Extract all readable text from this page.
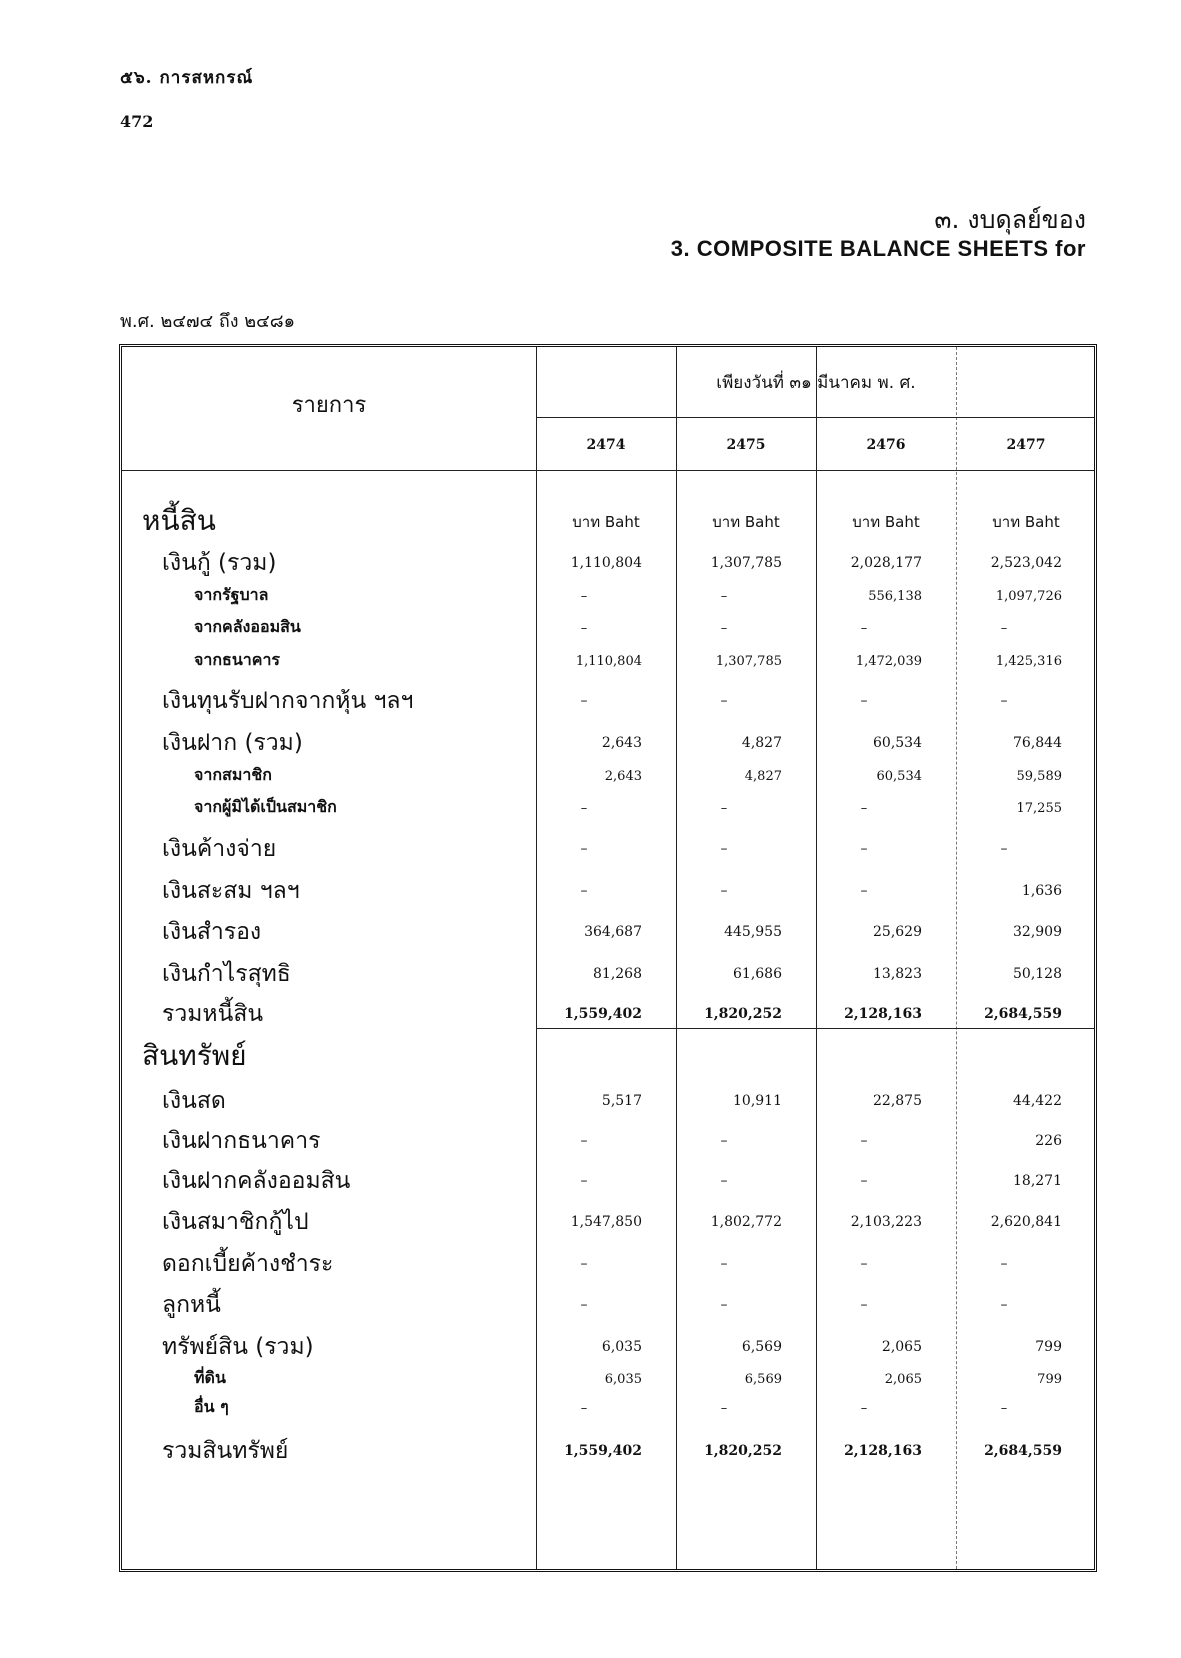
๕๖. การสหกรณ์
472
๓. งบดุลย์ของ
3. COMPOSITE BALANCE SHEETS for
พ.ศ. ๒๔๗๔ ถึง ๒๔๘๑
รายการ
เพียงวันที่ ๓๑ มีนาคม พ. ศ.
2474	2475	2476	2477
บาท Baht	บาท Baht	บาท Baht	บาท Baht
หนี้สิน
เงินกู้ (รวม)	1,110,804	1,307,785	2,028,177	2,523,042
จากรัฐบาล	–	–	556,138	1,097,726
จากคลังออมสิน	–	–	–	–
จากธนาคาร	1,110,804	1,307,785	1,472,039	1,425,316
เงินทุนรับฝากจากหุ้น ฯลฯ	–	–	–	–
เงินฝาก (รวม)	2,643	4,827	60,534	76,844
จากสมาชิก	2,643	4,827	60,534	59,589
จากผู้มิได้เป็นสมาชิก	–	–	–	17,255
เงินค้างจ่าย	–	–	–	–
เงินสะสม ฯลฯ	–	–	–	1,636
เงินสำรอง	364,687	445,955	25,629	32,909
เงินกำไรสุทธิ	81,268	61,686	13,823	50,128
รวมหนี้สิน	1,559,402	1,820,252	2,128,163	2,684,559
สินทรัพย์
เงินสด	5,517	10,911	22,875	44,422
เงินฝากธนาคาร	–	–	–	226
เงินฝากคลังออมสิน	–	–	–	18,271
เงินสมาชิกกู้ไป	1,547,850	1,802,772	2,103,223	2,620,841
ดอกเบี้ยค้างชำระ	–	–	–	–
ลูกหนี้	–	–	–	–
ทรัพย์สิน (รวม)	6,035	6,569	2,065	799
ที่ดิน	6,035	6,569	2,065	799
อื่น ๆ	–	–	–	–
รวมสินทรัพย์	1,559,402	1,820,252	2,128,163	2,684,559
